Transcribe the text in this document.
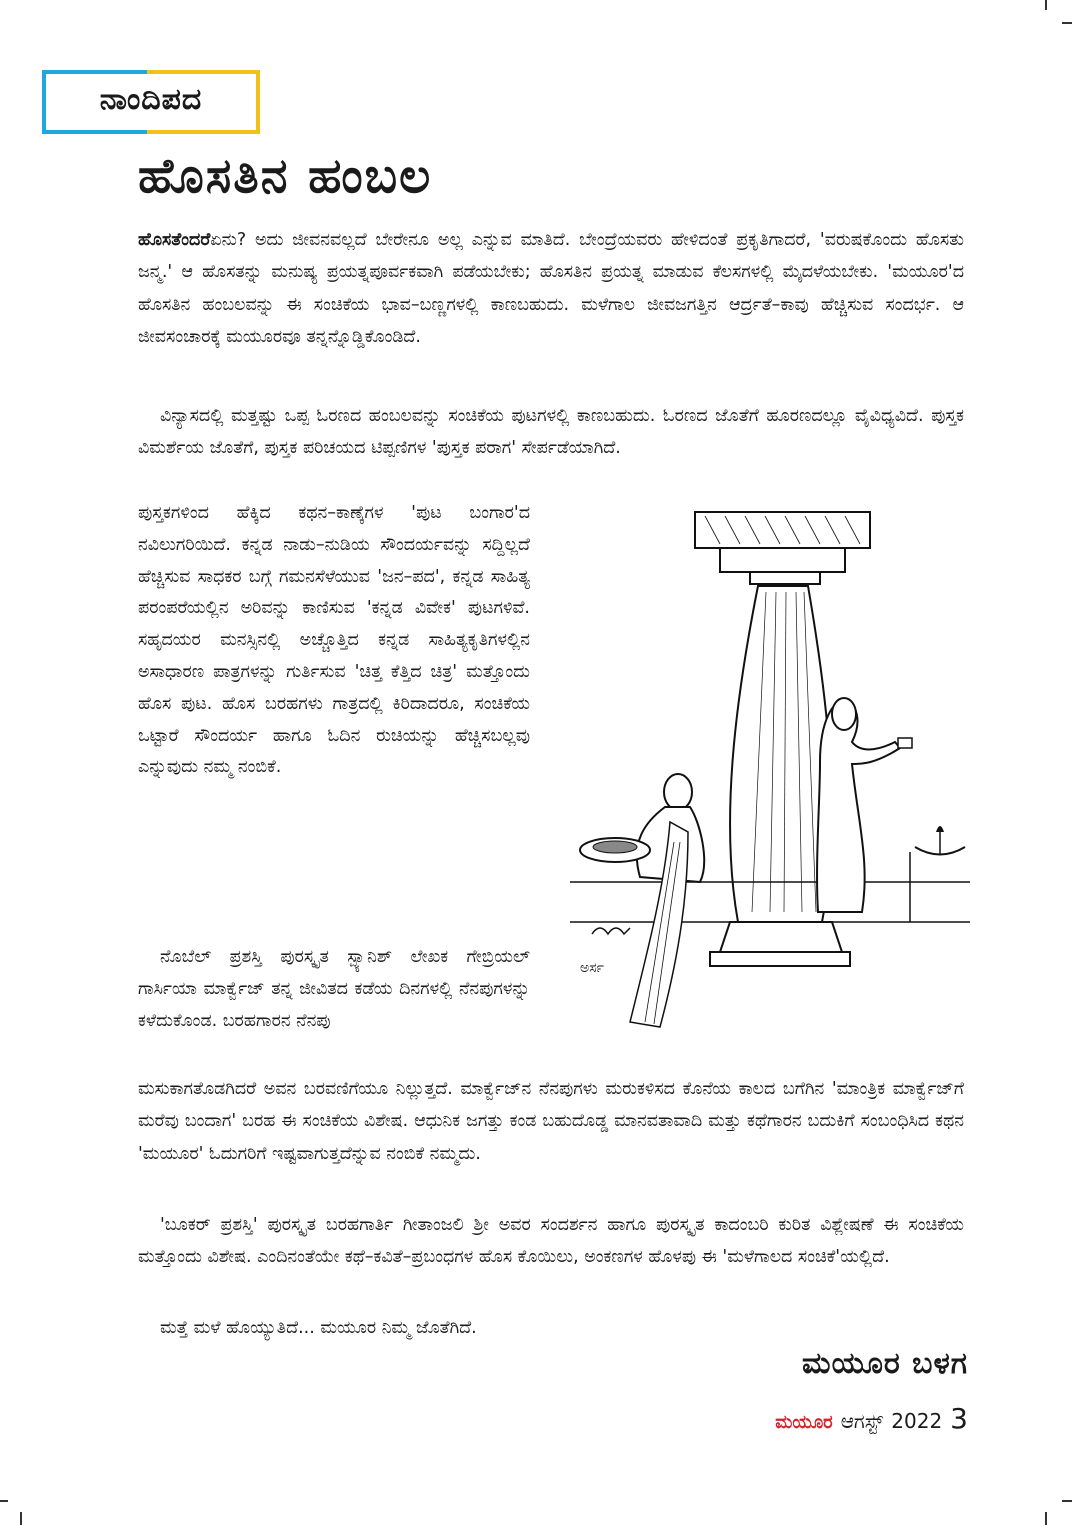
ನಾಂದಿಪದ
ಹೊಸತಿನ ಹಂಬಲ
ಹೊಸತೆಂದರೆಏನು? ಅದು ಜೀವನವಲ್ಲದೆ ಬೇರೇನೂ ಅಲ್ಲ ಎನ್ನುವ ಮಾತಿದೆ. ಬೇಂದ್ರೆಯವರು ಹೇಳಿದಂತೆ ಪ್ರಕೃತಿಗಾದರೆ, 'ವರುಷಕೊಂದು ಹೊಸತು ಜನ್ಮ.' ಆ ಹೊಸತನ್ನು ಮನುಷ್ಯ ಪ್ರಯತ್ನಪೂರ್ವಕವಾಗಿ ಪಡೆಯಬೇಕು; ಹೊಸತಿನ ಪ್ರಯತ್ನ ಮಾಡುವ ಕೆಲಸಗಳಲ್ಲಿ ಮೈದಳೆಯಬೇಕು. 'ಮಯೂರ'ದ ಹೊಸತಿನ ಹಂಬಲವನ್ನು ಈ ಸಂಚಿಕೆಯ ಭಾವ–ಬಣ್ಣಗಳಲ್ಲಿ ಕಾಣಬಹುದು. ಮಳೆಗಾಲ ಜೀವಜಗತ್ತಿನ ಆರ್ದ್ರತೆ–ಕಾವು ಹೆಚ್ಚಿಸುವ ಸಂದರ್ಭ. ಆ ಜೀವಸಂಚಾರಕ್ಕೆ ಮಯೂರವೂ ತನ್ನನ್ನೊಡ್ಡಿಕೊಂಡಿದೆ.
ವಿನ್ಯಾಸದಲ್ಲಿ ಮತ್ತಷ್ಟು ಒಪ್ಪ ಓರಣದ ಹಂಬಲವನ್ನು ಸಂಚಿಕೆಯ ಪುಟಗಳಲ್ಲಿ ಕಾಣಬಹುದು. ಓರಣದ ಜೊತೆಗೆ ಹೂರಣದಲ್ಲೂ ವೈವಿಧ್ಯವಿದೆ. ಪುಸ್ತಕ ವಿಮರ್ಶೆಯ ಜೊತೆಗೆ, ಪುಸ್ತಕ ಪರಿಚಯದ ಟಿಪ್ಪಣಿಗಳ 'ಪುಸ್ತಕ ಪರಾಗ' ಸೇರ್ಪಡೆಯಾಗಿದೆ.
ಪುಸ್ತಕಗಳಿಂದ ಹೆಕ್ಕಿದ ಕಥನ–ಕಾಣ್ಕೆಗಳ 'ಪುಟ ಬಂಗಾರ'ದ ನವಿಲುಗರಿಯಿದೆ. ಕನ್ನಡ ನಾಡು–ನುಡಿಯ ಸೌಂದರ್ಯವನ್ನು ಸದ್ದಿಲ್ಲದೆ ಹೆಚ್ಚಿಸುವ ಸಾಧಕರ ಬಗ್ಗೆ ಗಮನಸೆಳೆಯುವ 'ಜನ–ಪದ', ಕನ್ನಡ ಸಾಹಿತ್ಯ ಪರಂಪರೆಯಲ್ಲಿನ ಅರಿವನ್ನು ಕಾಣಿಸುವ 'ಕನ್ನಡ ವಿವೇಕ' ಪುಟಗಳಿವೆ. ಸಹೃದಯರ ಮನಸ್ಸಿನಲ್ಲಿ ಅಚ್ಚೊತ್ತಿದ ಕನ್ನಡ ಸಾಹಿತ್ಯಕೃತಿಗಳಲ್ಲಿನ ಅಸಾಧಾರಣ ಪಾತ್ರಗಳನ್ನು ಗುರ್ತಿಸುವ 'ಚಿತ್ತ ಕೆತ್ತಿದ ಚಿತ್ರ' ಮತ್ತೊಂದು ಹೊಸ ಪುಟ. ಹೊಸ ಬರಹಗಳು ಗಾತ್ರದಲ್ಲಿ ಕಿರಿದಾದರೂ, ಸಂಚಿಕೆಯ ಒಟ್ಟಾರೆ ಸೌಂದರ್ಯ ಹಾಗೂ ಓದಿನ ರುಚಿಯನ್ನು ಹೆಚ್ಚಿಸಬಲ್ಲವು ಎನ್ನುವುದು ನಮ್ಮ ನಂಬಿಕೆ.
ನೊಬೆಲ್ ಪ್ರಶಸ್ತಿ ಪುರಸ್ಕೃತ ಸ್ಪ್ಯಾನಿಶ್ ಲೇಖಕ ಗೇಬ್ರಿಯಲ್ ಗಾರ್ಸಿಯಾ ಮಾರ್ಕ್ವೆಜ್ ತನ್ನ ಜೀವಿತದ ಕಡೆಯ ದಿನಗಳಲ್ಲಿ ನೆನಪುಗಳನ್ನು ಕಳೆದುಕೊಂಡ. ಬರಹಗಾರನ ನೆನಪು
ಮಸುಕಾಗತೊಡಗಿದರೆ ಅವನ ಬರವಣಿಗೆಯೂ ನಿಲ್ಲುತ್ತದೆ. ಮಾರ್ಕ್ವೆಜ್‌ನ ನೆನಪುಗಳು ಮರುಕಳಿಸದ ಕೊನೆಯ ಕಾಲದ ಬಗೆಗಿನ 'ಮಾಂತ್ರಿಕ ಮಾರ್ಕ್ವೆಜ್‌ಗೆ ಮರೆವು ಬಂದಾಗ' ಬರಹ ಈ ಸಂಚಿಕೆಯ ವಿಶೇಷ. ಆಧುನಿಕ ಜಗತ್ತು ಕಂಡ ಬಹುದೊಡ್ಡ ಮಾನವತಾವಾದಿ ಮತ್ತು ಕಥೆಗಾರನ ಬದುಕಿಗೆ ಸಂಬಂಧಿಸಿದ ಕಥನ 'ಮಯೂರ' ಓದುಗರಿಗೆ ಇಷ್ಟವಾಗುತ್ತದೆನ್ನುವ ನಂಬಿಕೆ ನಮ್ಮದು.
'ಬೂಕರ್ ಪ್ರಶಸ್ತಿ' ಪುರಸ್ಕೃತ ಬರಹಗಾರ್ತಿ ಗೀತಾಂಜಲಿ ಶ್ರೀ ಅವರ ಸಂದರ್ಶನ ಹಾಗೂ ಪುರಸ್ಕೃತ ಕಾದಂಬರಿ ಕುರಿತ ವಿಶ್ಲೇಷಣೆ ಈ ಸಂಚಿಕೆಯ ಮತ್ತೊಂದು ವಿಶೇಷ. ಎಂದಿನಂತೆಯೇ ಕಥೆ–ಕವಿತೆ–ಪ್ರಬಂಧಗಳ ಹೊಸ ಕೊಯಿಲು, ಅಂಕಣಗಳ ಹೊಳಪು ಈ 'ಮಳೆಗಾಲದ ಸಂಚಿಕೆ'ಯಲ್ಲಿದೆ.
ಮತ್ತೆ ಮಳೆ ಹೊಯ್ಯುತಿದೆ... ಮಯೂರ ನಿಮ್ಮ ಜೊತೆಗಿದೆ.
ಅರ್ಸ
ಮಯೂರ ಬಳಗ
ಮಯೂರ ಆಗಸ್ಟ್ 2022 3
